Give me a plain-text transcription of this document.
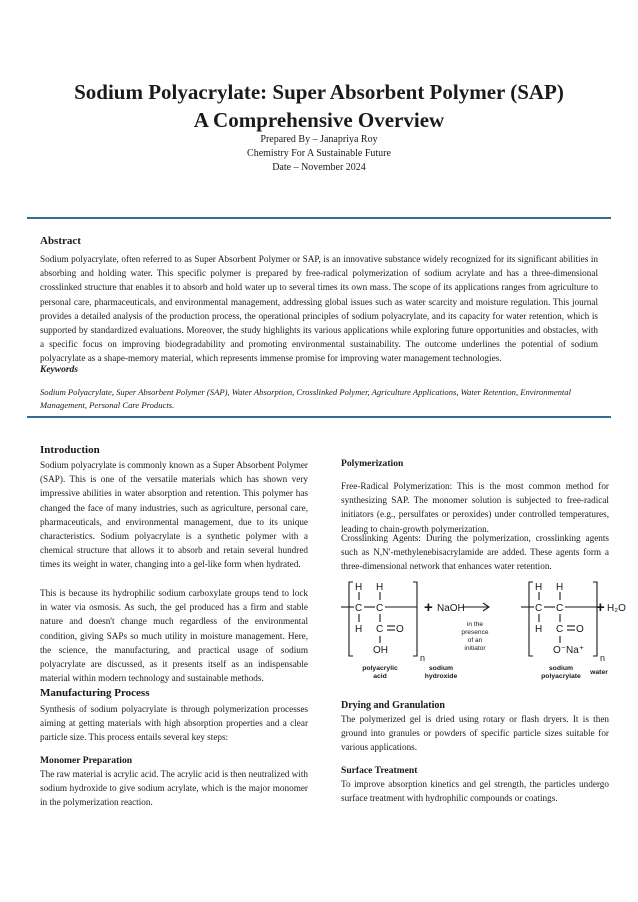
Sodium Polyacrylate: Super Absorbent Polymer (SAP)
A Comprehensive Overview
Prepared By – Janapriya Roy
Chemistry For A Sustainable Future
Date – November 2024
Abstract
Sodium polyacrylate, often referred to as Super Absorbent Polymer or SAP, is an innovative substance widely recognized for its significant abilities in absorbing and holding water. This specific polymer is prepared by free-radical polymerization of sodium acrylate and has a three-dimensional crosslinked structure that enables it to absorb and hold water up to several times its own mass. The scope of its applications ranges from agriculture to personal care, pharmaceuticals, and environmental management, addressing global issues such as water scarcity and moisture regulation. This journal provides a detailed analysis of the production process, the operational principles of sodium polyacrylate, and its capacity for water retention, which is supported by standardized evaluations. Moreover, the study highlights its various applications while exploring future opportunities and obstacles, with a specific focus on improving biodegradability and promoting environmental sustainability. The outcome underlines the potential of sodium polyacrylate as a shape-memory material, which represents immense promise for improving water management technologies.
Keywords
Sodium Polyacrylate, Super Absorbent Polymer (SAP), Water Absorption, Crosslinked Polymer, Agriculture Applications, Water Retention, Environmental Management, Personal Care Products.
Introduction
Sodium polyacrylate is commonly known as a Super Absorbent Polymer (SAP). This is one of the versatile materials which has shown very impressive abilities in water absorption and retention. This polymer has changed the face of many industries, such as agriculture, personal care, pharmaceuticals, and environmental management, due to its unique characteristics. Sodium polyacrylate is a synthetic polymer with a chemical structure that allows it to absorb and retain several hundred times its weight in water, changing into a gel-like form when hydrated.
This is because its hydrophilic sodium carboxylate groups tend to lock in water via osmosis. As such, the gel produced has a firm and stable nature and doesn't change much regardless of the environmental condition, giving SAPs so much utility in moisture management. Here, the science, the manufacturing, and practical usage of sodium polyacrylate are discussed, as it presents itself as an indispensable material within modern technology and sustainable methods.
Manufacturing Process
Synthesis of sodium polyacrylate is through polymerization processes aiming at getting materials with high absorption properties and a clear particle size. This process entails several key steps:
Monomer Preparation
The raw material is acrylic acid. The acrylic acid is then neutralized with sodium hydroxide to give sodium acrylate, which is the major monomer in the polymerization reaction.
Polymerization
Free-Radical Polymerization: This is the most common method for synthesizing SAP. The monomer solution is subjected to free-radical initiators (e.g., persulfates or peroxides) under controlled temperatures, leading to chain-growth polymerization.
Crosslinking Agents: During the polymerization, crosslinking agents such as N,N'-methylenebisacrylamide are added. These agents form a three-dimensional network that enhances water retention.
H H
C C
H C O
OH
n
+ NaOH
in the
presence
of an
initiator
H H
C C
H C O
O⁻Na⁺
n
+ H₂O
polyacrylic
acid
sodium
hydroxide
sodium
polyacrylate
water
Drying and Granulation
The polymerized gel is dried using rotary or flash dryers. It is then ground into granules or powders of specific particle sizes suitable for various applications.
Surface Treatment
To improve absorption kinetics and gel strength, the particles undergo surface treatment with hydrophilic compounds or coatings.
